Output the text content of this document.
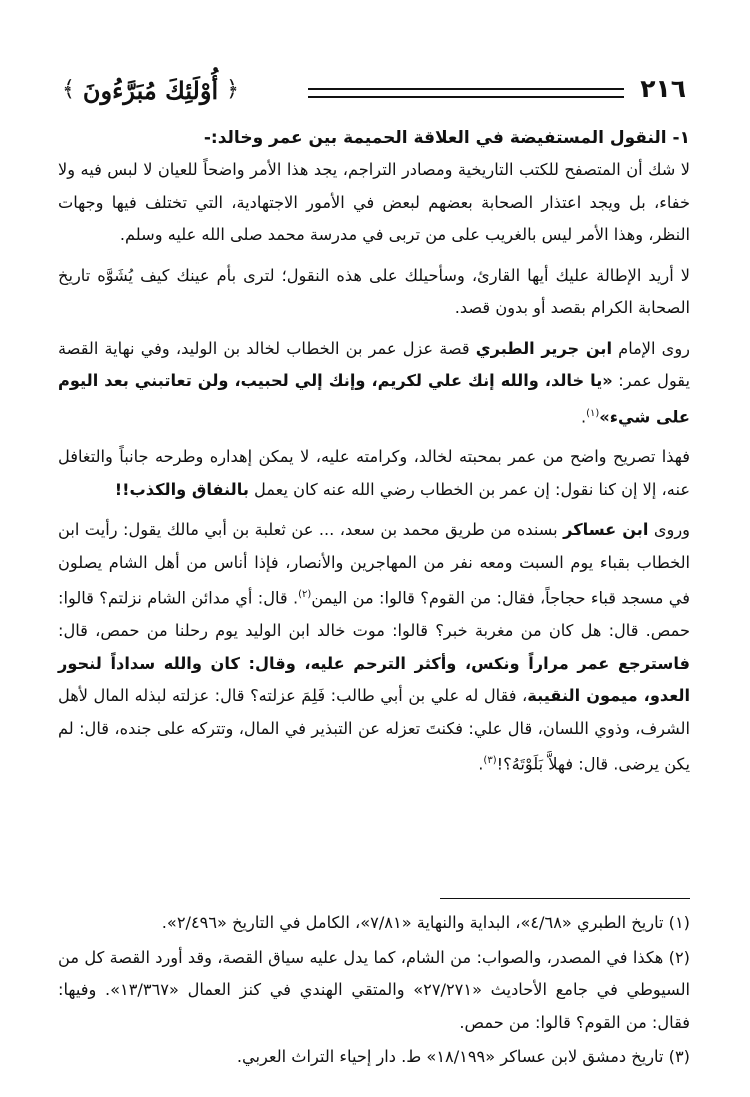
٢١٦
﴿
أُوْلَئِكَ مُبَرَّءُونَ
﴾
١- النقول المستفيضة في العلاقة الحميمة بين عمر وخالد:-

لا شك أن المتصفح للكتب التاريخية ومصادر التراجم، يجد هذا الأمر واضحاً للعيان لا لبس فيه ولا خفاء، بل ويجد اعتذار الصحابة بعضهم لبعض في الأمور الاجتهادية، التي تختلف فيها وجهات النظر، وهذا الأمر ليس بالغريب على من تربى في مدرسة محمد صلى الله عليه وسلم.

لا أريد الإطالة عليك أيها القارئ، وسأحيلك على هذه النقول؛ لترى بأم عينك كيف يُشَوَّه تاريخ الصحابة الكرام بقصد أو بدون قصد.

روى الإمام ابن جرير الطبري قصة عزل عمر بن الخطاب لخالد بن الوليد، وفي نهاية القصة يقول عمر: «يا خالد، والله إنك علي لكريم، وإنك إلي لحبيب، ولن تعاتبني بعد اليوم على شيء»$^{(١)}$.

فهذا تصريح واضح من عمر بمحبته لخالد، وكرامته عليه، لا يمكن إهداره وطرحه جانباً والتغافل عنه، إلا إن كنا نقول: إن عمر بن الخطاب رضي الله عنه كان يعمل بالنفاق والكذب!!

وروى ابن عساكر بسنده من طريق محمد بن سعد، ... عن ثعلبة بن أبي مالك يقول: رأيت ابن الخطاب بقباء يوم السبت ومعه نفر من المهاجرين والأنصار، فإذا أناس من أهل الشام يصلون في مسجد قباء حجاجاً، فقال: من القوم؟ قالوا: من اليمن$^{(٢)}$. قال: أي مدائن الشام نزلتم؟ قالوا: حمص. قال: هل كان من مغربة خبر؟ قالوا: موت خالد ابن الوليد يوم رحلنا من حمص، قال: فاسترجع عمر مراراً ونكس، وأكثر الترحم عليه، وقال: كان والله سداداً لنحور العدو، ميمون النقيبة، فقال له علي بن أبي طالب: فَلِمَ عزلته؟ قال: عزلته لبذله المال لأهل الشرف، وذوي اللسان، قال علي: فكنتَ تعزله عن التبذير في المال، وتتركه على جنده، قال: لم يكن يرضى. قال: فهلاَّ بَلَوْتَهُ؟!$^{(٣)}$.

(١) تاريخ الطبري «٤/٦٨»، البداية والنهاية «٧/٨١»، الكامل في التاريخ «٢/٤٩٦».

(٢) هكذا في المصدر، والصواب: من الشام، كما يدل عليه سياق القصة، وقد أورد القصة كل من السيوطي في جامع الأحاديث «٢٧/٢٧١» والمتقي الهندي في كنز العمال «١٣/٣٦٧». وفيها: فقال: من القوم؟ قالوا: من حمص.

(٣) تاريخ دمشق لابن عساكر «١٨/١٩٩» ط. دار إحياء التراث العربي.
